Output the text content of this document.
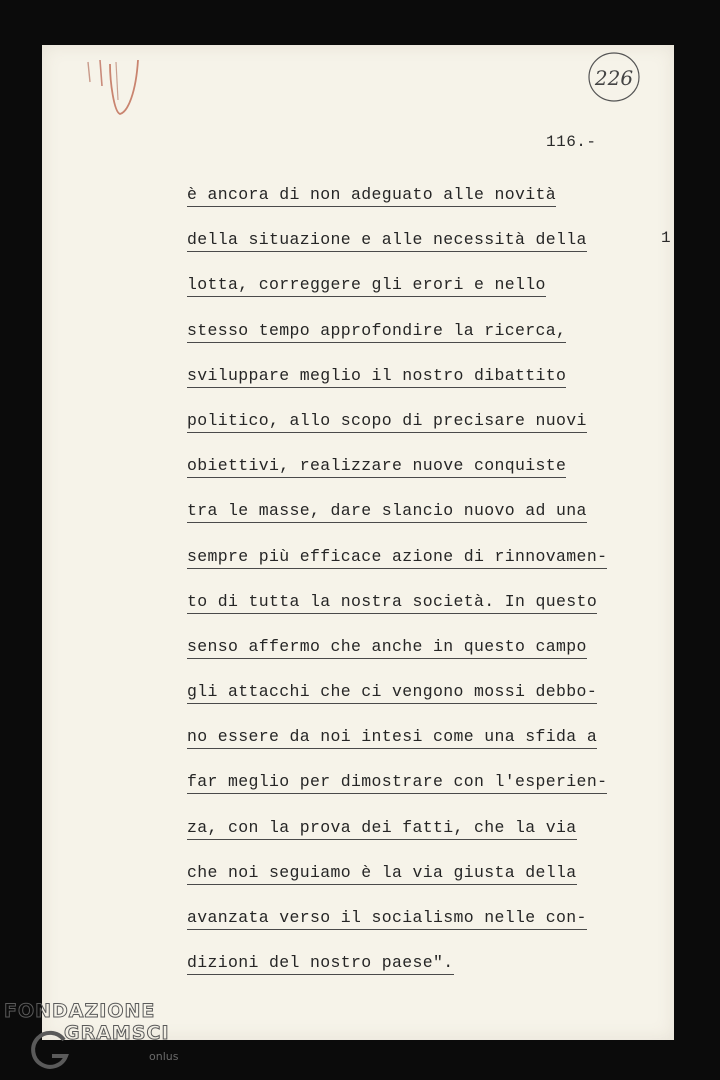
226
116.-
1
è ancora di non adeguato alle novità
della situazione e alle necessità della
lotta, correggere gli erori e nello
stesso tempo approfondire la ricerca,
sviluppare meglio il nostro dibattito
politico, allo scopo di precisare nuovi
obiettivi, realizzare nuove conquiste
tra le masse, dare slancio nuovo ad una
sempre più efficace azione di rinnovamen-
to di tutta la nostra società. In questo
senso affermo che anche in questo campo
gli attacchi che ci vengono mossi debbo-
no essere da noi intesi come una sfida a
far meglio per dimostrare con l'esperien-
za, con la prova dei fatti, che la via
che noi seguiamo è la via giusta della
avanzata verso il socialismo nelle con-
dizioni del nostro paese".
FONDAZIONE
GRAMSCI
onlus
